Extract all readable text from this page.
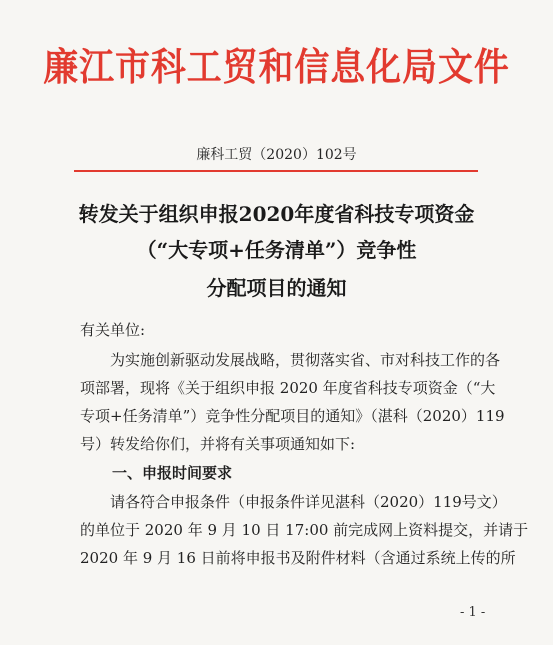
廉江市科工贸和信息化局文件
廉科工贸（2020）102号
转发关于组织申报2020年度省科技专项资金
（“大专项+任务清单”）竞争性
分配项目的通知
有关单位:
为实施创新驱动发展战略，贯彻落实省、市对科技工作的各
项部署，现将《关于组织申报 2020 年度省科技专项资金（“大
专项+任务清单”）竞争性分配项目的通知》（湛科（2020）119
号）转发给你们，并将有关事项通知如下:
一、申报时间要求
请各符合申报条件（申报条件详见湛科（2020）119号文）
的单位于 2020 年 9 月 10 日 17:00 前完成网上资料提交，并请于
2020 年 9 月 16 日前将申报书及附件材料（含通过系统上传的所
- 1 -
